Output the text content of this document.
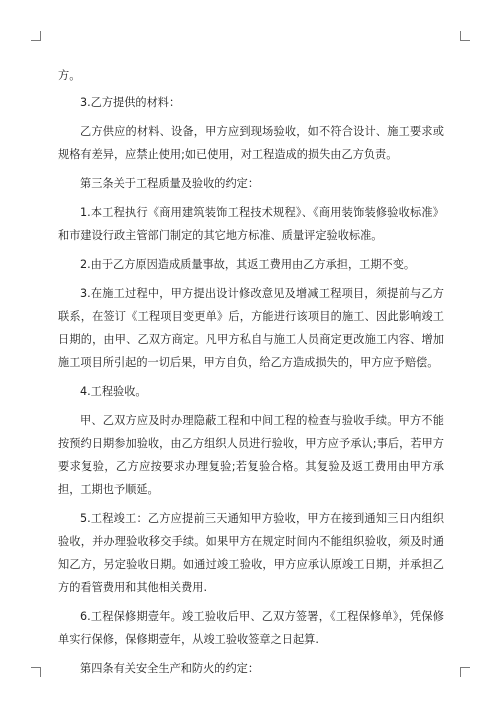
方。

3.乙方提供的材料：

乙方供应的材料、设备，甲方应到现场验收，如不符合设计、施工要求或规格有差异，应禁止使用;如已使用，对工程造成的损失由乙方负责。

第三条关于工程质量及验收的约定：

1.本工程执行《商用建筑装饰工程技术规程》、《商用装饰装修验收标准》和市建设行政主管部门制定的其它地方标准、质量评定验收标准。

2.由于乙方原因造成质量事故，其返工费用由乙方承担，工期不变。

3.在施工过程中，甲方提出设计修改意见及增减工程项目，须提前与乙方联系，在签订《工程项目变更单》后，方能进行该项目的施工、因此影响竣工日期的，由甲、乙双方商定。凡甲方私自与施工人员商定更改施工内容、增加施工项目所引起的一切后果，甲方自负，给乙方造成损失的，甲方应予赔偿。

4.工程验收。

甲、乙双方应及时办理隐蔽工程和中间工程的检查与验收手续。甲方不能按预约日期参加验收，由乙方组织人员进行验收，甲方应予承认;事后，若甲方要求复验，乙方应按要求办理复验;若复验合格。其复验及返工费用由甲方承担，工期也予顺延。

5.工程竣工：乙方应提前三天通知甲方验收，甲方在接到通知三日内组织验收，并办理验收移交手续。如果甲方在规定时间内不能组织验收，须及时通知乙方，另定验收日期。如通过竣工验收，甲方应承认原竣工日期，并承担乙方的看管费用和其他相关费用.

6.工程保修期壹年。竣工验收后甲、乙双方签署，《工程保修单》，凭保修单实行保修，保修期壹年，从竣工验收签章之日起算.

第四条有关安全生产和防火的约定：
